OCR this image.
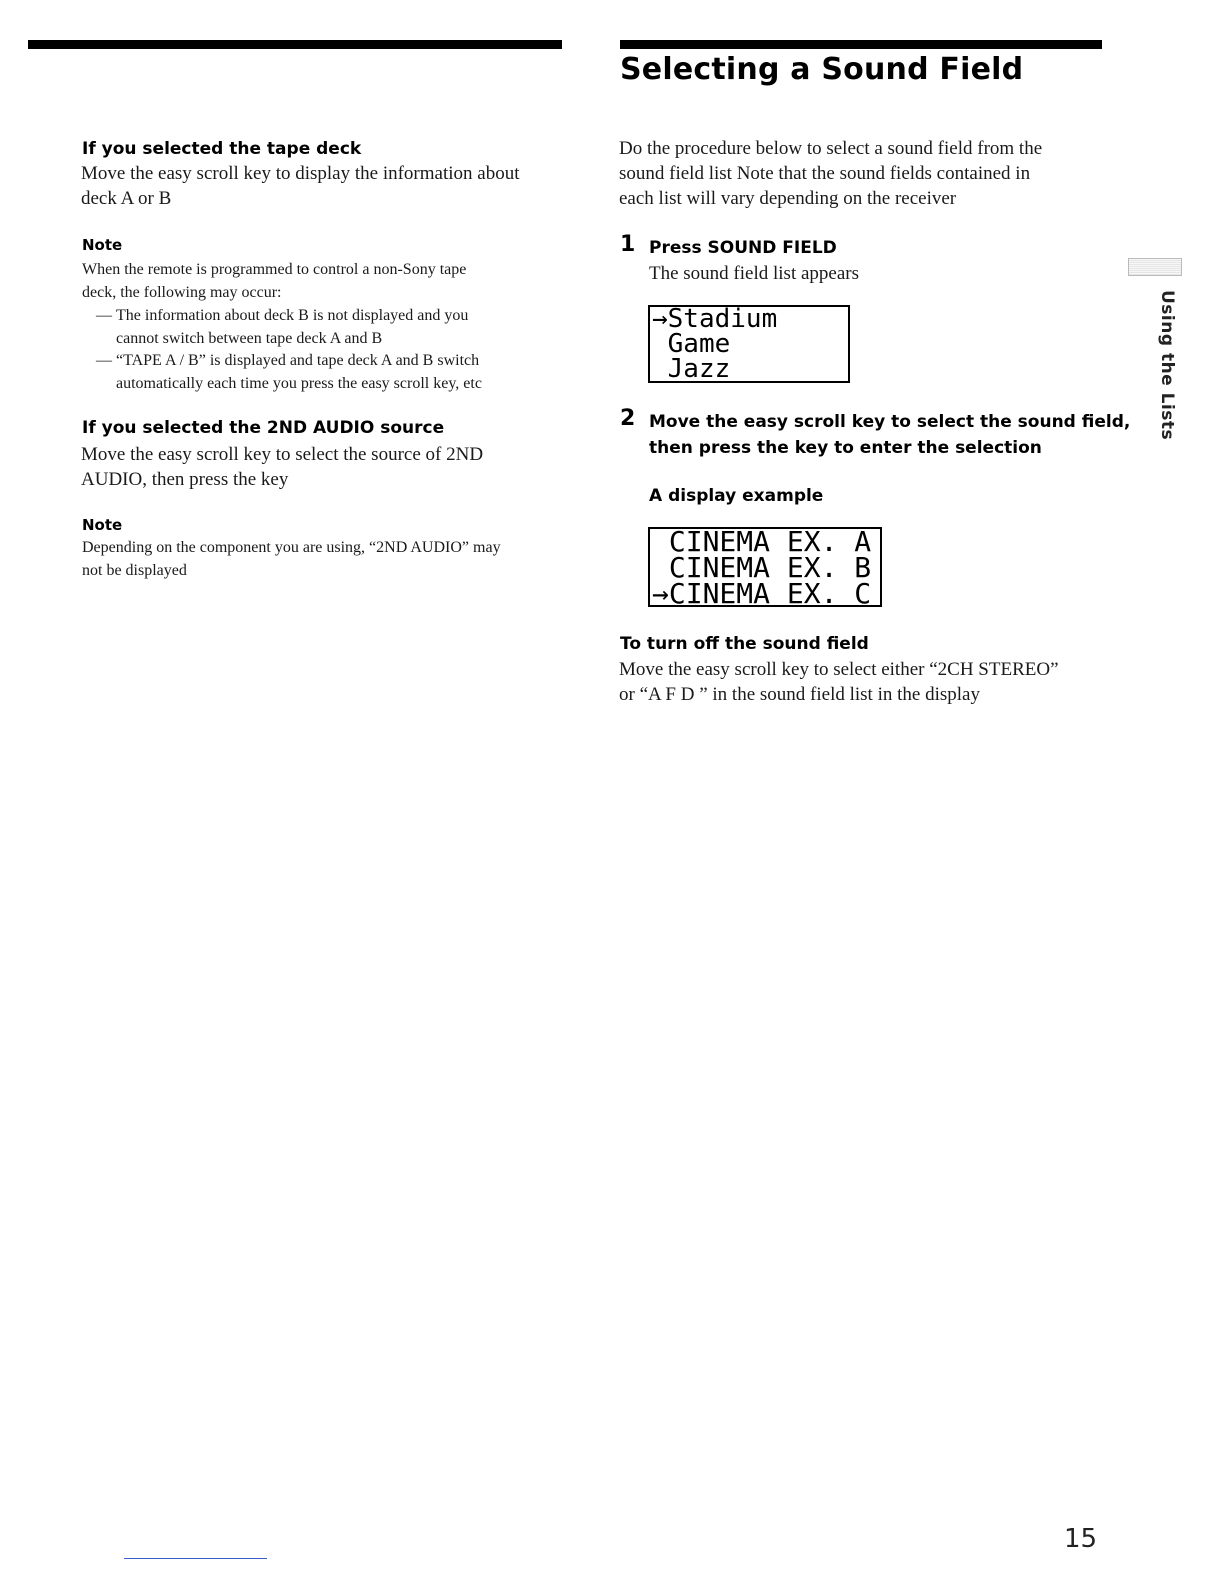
If you selected the tape deck

Move the easy scroll key to display the information about
deck A or B

Note

When the remote is programmed to control a non-Sony tape
deck, the following may occur:

— The information about deck B is not displayed and you
cannot switch between tape deck A and B
— “TAPE A / B” is displayed and tape deck A and B switch
automatically each time you press the easy scroll key, etc
If you selected the 2ND AUDIO source

Move the easy scroll key to select the source of 2ND
AUDIO, then press the key

Note

Depending on the component you are using, “2ND AUDIO” may
not be displayed

Selecting a Sound Field

Do the procedure below to select a sound field from the
sound field list Note that the sound fields contained in
each list will vary depending on the receiver

1 Press SOUND FIELD

The sound field list appears

→Stadium
Game
Jazz

2 Move the easy scroll key to select the sound field,
then press the key to enter the selection

A display example
CINEMA EX. A
CINEMA EX. B
→CINEMA EX. C
To turn off the sound field

Move the easy scroll key to select either “2CH STEREO”
or “A F D ” in the sound field list in the display

Using the Lists

15
